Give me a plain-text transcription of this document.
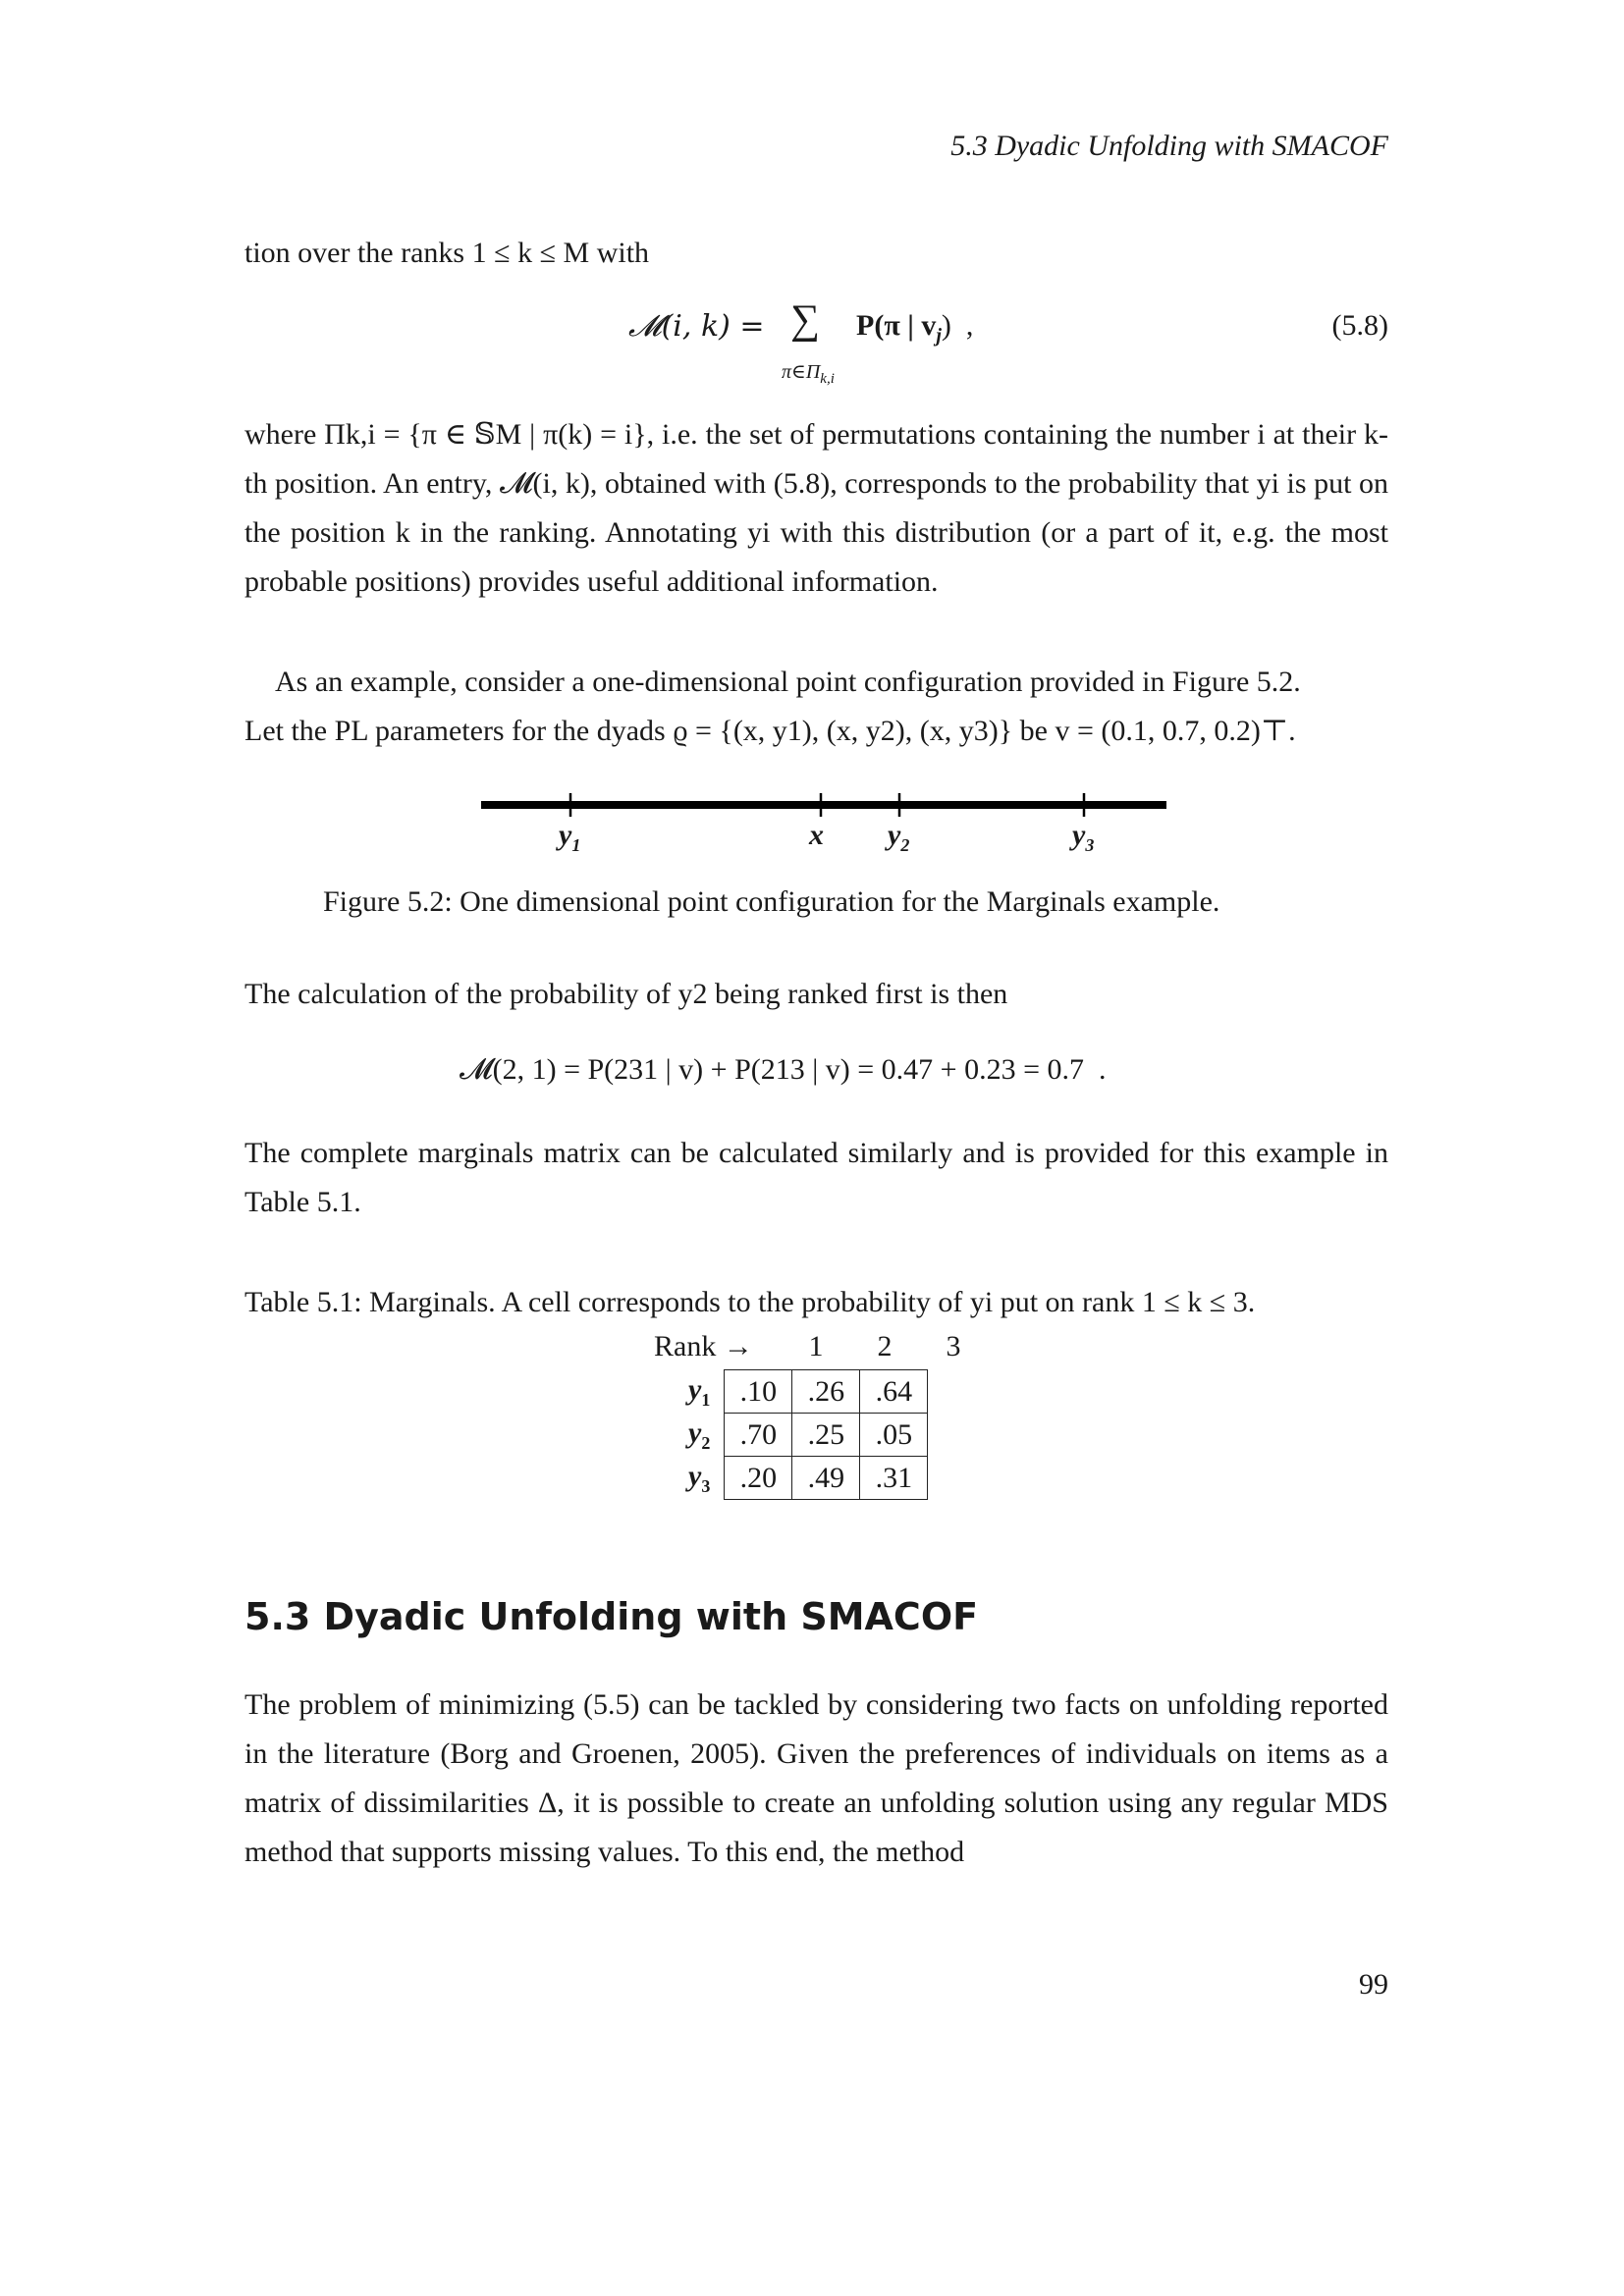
5.3 Dyadic Unfolding with SMACOF

tion over the ranks 1 ≤ k ≤ M with

𝓜(i, k) = ∑
$\pi\in\Pi_{k,i}$
P(π | $v_j$)  ,	(5.8)

where Πk,i = {π ∈ 𝕊M | π(k) = i}, i.e. the set of permutations containing the number i at their k-th position. An entry, 𝓜(i, k), obtained with (5.8), corresponds to the probability that yi is put on the position k in the ranking. Annotating yi with this distribution (or a part of it, e.g. the most probable positions) provides useful additional information.

As an example, consider a one-dimensional point configuration provided in Figure 5.2.

Let the PL parameters for the dyads ϱ = {(x, y1), (x, y2), (x, y3)} be v = (0.1, 0.7, 0.2)⊤.

$y_1$	x $y_2$	$y_3$
Figure 5.2: One dimensional point configuration for the Marginals example.

The calculation of the probability of y2 being ranked first is then

𝓜(2, 1) = P(231 | v) + P(213 | v) = 0.47 + 0.23 = 0.7  .

The complete marginals matrix can be calculated similarly and is provided for this example in Table 5.1.

Table 5.1: Marginals. A cell corresponds to the probability of yi put on rank 1 ≤ k ≤ 3.
Rank →	1	2	3
$y_1$	.10	.26	.64
$y_2$	.70	.25	.05
$y_3$	.20	.49	.31
5.3 Dyadic Unfolding with SMACOF

The problem of minimizing (5.5) can be tackled by considering two facts on unfolding reported in the literature (Borg and Groenen, 2005). Given the preferences of individuals on items as a matrix of dissimilarities Δ, it is possible to create an unfolding solution using any regular MDS method that supports missing values. To this end, the method

99
